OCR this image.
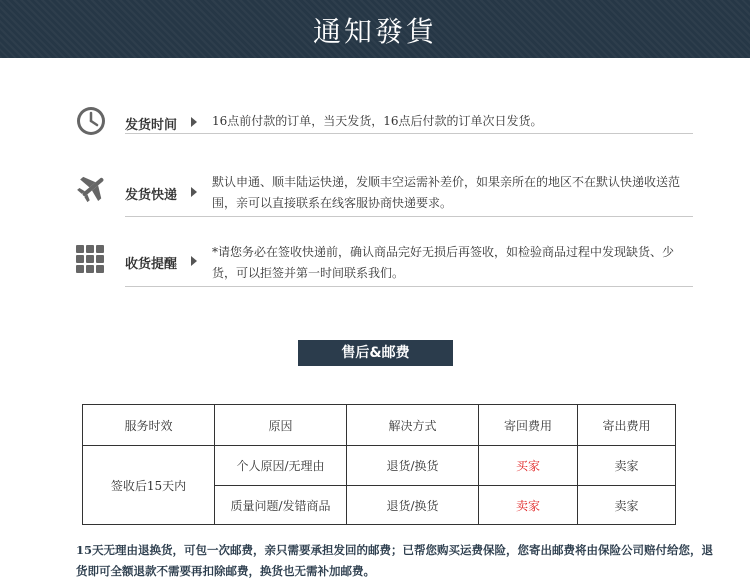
通知發貨
发货时间	16点前付款的订单，当天发货，16点后付款的订单次日发货。
发货快递
默认申通、顺丰陆运快递，发顺丰空运需补差价，如果亲所在的地区不在默认快递收送范围，亲可以直接联系在线客服协商快递要求。
收货提醒
*请您务必在签收快递前，确认商品完好无损后再签收，如检验商品过程中发现缺货、少货，可以拒签并第一时间联系我们。
售后&邮费
服务时效	原因	解决方式	寄回费用	寄出费用
签收后15天内	个人原因/无理由	退货/换货	买家	卖家
	质量问题/发错商品	退货/换货	卖家	卖家
15天无理由退换货，可包一次邮费，亲只需要承担发回的邮费；已帮您购买运费保险，您寄出邮费将由保险公司赔付给您，退货即可全额退款不需要再扣除邮费，换货也无需补加邮费。
